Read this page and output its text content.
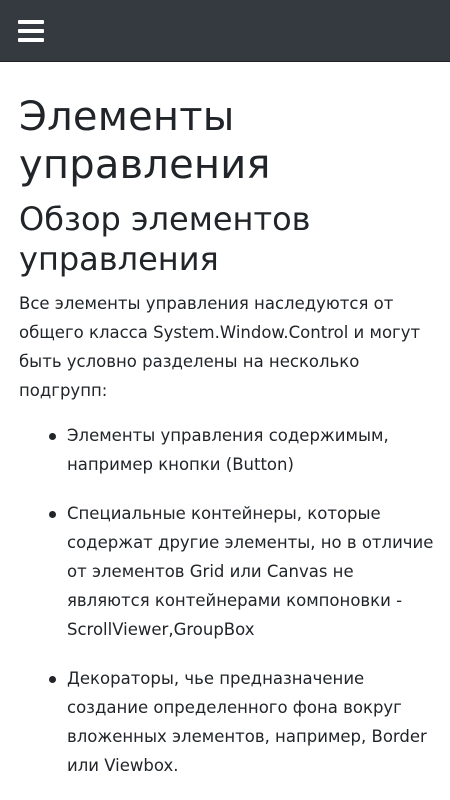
Элементы управления
Обзор элементов управления

Все элементы управления наследуются от общего класса System.Window.Control и могут быть условно разделены на несколько подгрупп:

Элементы управления содержимым, например кнопки (Button)
Специальные контейнеры, которые содержат другие элементы, но в отличие от элементов Grid или Canvas не являются контейнерами компоновки - ScrollViewer,GroupBox
Декораторы, чье предназначение создание определенного фона вокруг вложенных элементов, например, Border или Viewbox.
